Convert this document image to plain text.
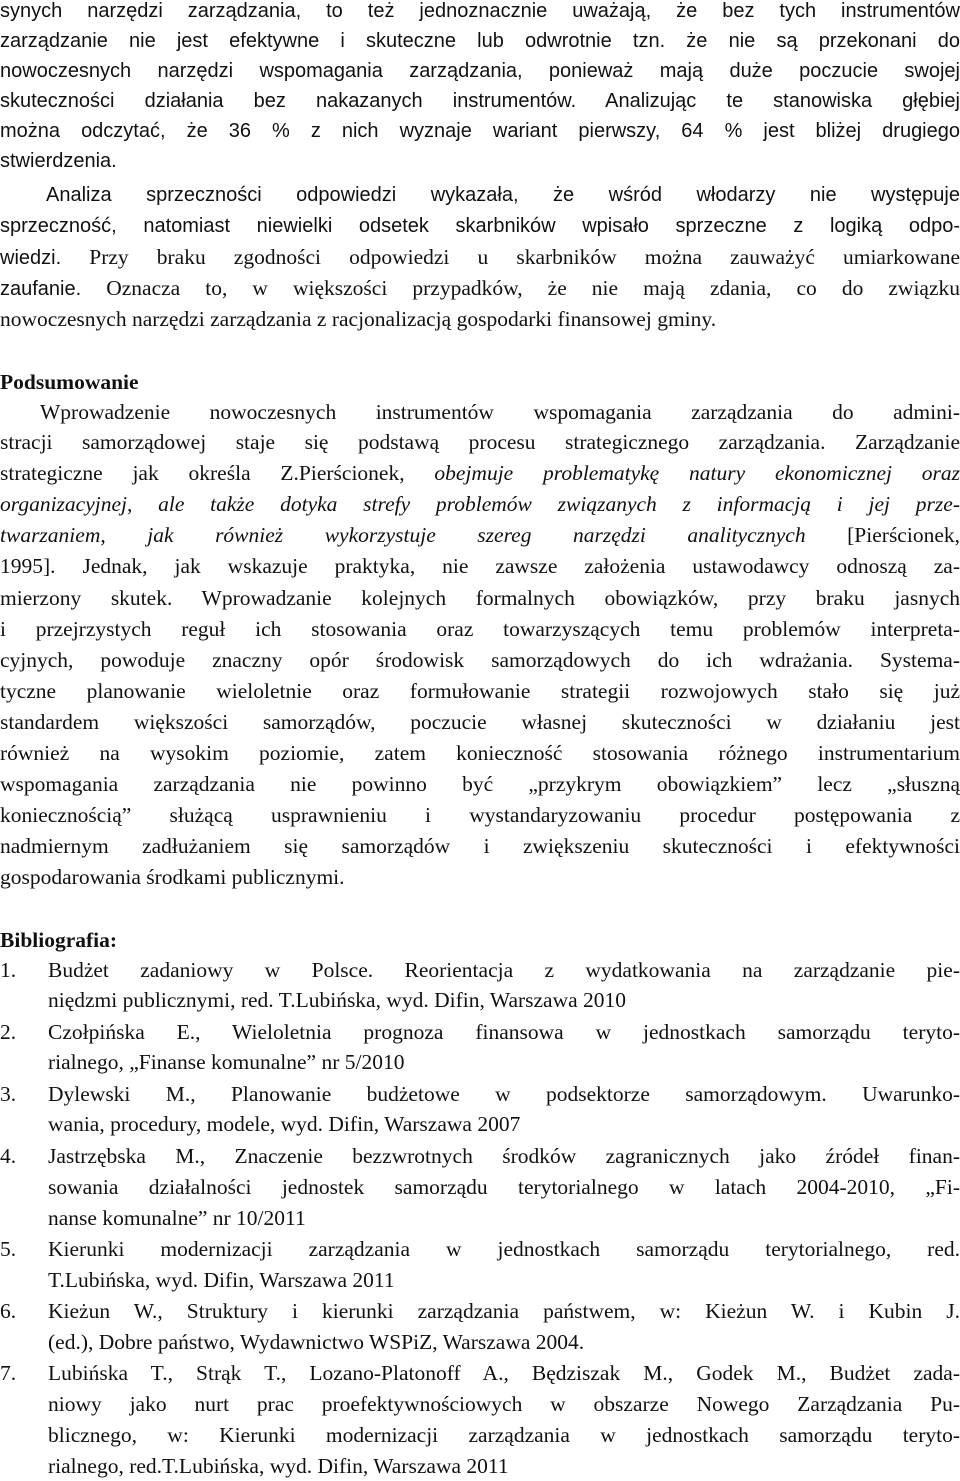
synych narzędzi zarządzania, to też jednoznacznie uważają, że bez tych instrumentów
zarządzanie nie jest efektywne i skuteczne lub odwrotnie tzn. że nie są przekonani do
nowoczesnych narzędzi wspomagania zarządzania, ponieważ mają duże poczucie swojej
skuteczności działania bez nakazanych instrumentów. Analizując te stanowiska głębiej
można odczytać, że 36 % z nich wyznaje wariant pierwszy, 64 % jest bliżej drugiego
stwierdzenia.
Analiza sprzeczności odpowiedzi wykazała, że wśród włodarzy nie występuje
sprzeczność, natomiast niewielki odsetek skarbników wpisało sprzeczne z logiką odpo-
wiedzi. Przy braku zgodności odpowiedzi u skarbników można zauważyć umiarkowane
zaufanie. Oznacza to, w większości przypadków, że nie mają zdania, co do związku
nowoczesnych narzędzi zarządzania z racjonalizacją gospodarki finansowej gminy.
Podsumowanie
Wprowadzenie nowoczesnych instrumentów wspomagania zarządzania do admini-
stracji samorządowej staje się podstawą procesu strategicznego zarządzania. Zarządzanie
strategiczne jak określa Z.Pierścionek, obejmuje problematykę natury ekonomicznej oraz
organizacyjnej, ale także dotyka strefy problemów związanych z informacją i jej prze-
twarzaniem, jak również wykorzystuje szereg narzędzi analitycznych [Pierścionek,
1995]. Jednak, jak wskazuje praktyka, nie zawsze założenia ustawodawcy odnoszą za-
mierzony skutek. Wprowadzanie kolejnych formalnych obowiązków, przy braku jasnych
i przejrzystych reguł ich stosowania oraz towarzyszących temu problemów interpreta-
cyjnych, powoduje znaczny opór środowisk samorządowych do ich wdrażania. Systema-
tyczne planowanie wieloletnie oraz formułowanie strategii rozwojowych stało się już
standardem większości samorządów, poczucie własnej skuteczności w działaniu jest
również na wysokim poziomie, zatem konieczność stosowania różnego instrumentarium
wspomagania zarządzania nie powinno być „przykrym obowiązkiem” lecz „słuszną
koniecznością” służącą usprawnieniu i wystandaryzowaniu procedur postępowania z
nadmiernym zadłużaniem się samorządów i zwiększeniu skuteczności i efektywności
gospodarowania środkami publicznymi.
Bibliografia:
1.	Budżet zadaniowy w Polsce. Reorientacja z wydatkowania na zarządzanie pie-
niędzmi publicznymi, red. T.Lubińska, wyd. Difin, Warszawa 2010
2.	Czołpińska E., Wieloletnia prognoza finansowa w jednostkach samorządu teryto-
rialnego, „Finanse komunalne” nr 5/2010
3.	Dylewski M., Planowanie budżetowe w podsektorze samorządowym. Uwarunko-
wania, procedury, modele, wyd. Difin, Warszawa 2007
4.	Jastrzębska M., Znaczenie bezzwrotnych środków zagranicznych jako źródeł finan-
sowania działalności jednostek samorządu terytorialnego w latach 2004-2010, „Fi-
nanse komunalne” nr 10/2011
5.	Kierunki modernizacji zarządzania w jednostkach samorządu terytorialnego, red.
T.Lubińska, wyd. Difin, Warszawa 2011
6.	Kieżun W., Struktury i kierunki zarządzania państwem, w: Kieżun W. i Kubin J.
(ed.), Dobre państwo, Wydawnictwo WSPiZ, Warszawa 2004.
7.	Lubińska T., Strąk T., Lozano-Platonoff A., Będziszak M., Godek M., Budżet zada-
niowy jako nurt prac proefektywnościowych w obszarze Nowego Zarządzania Pu-
blicznego, w: Kierunki modernizacji zarządzania w jednostkach samorządu teryto-
rialnego, red.T.Lubińska, wyd. Difin, Warszawa 2011
